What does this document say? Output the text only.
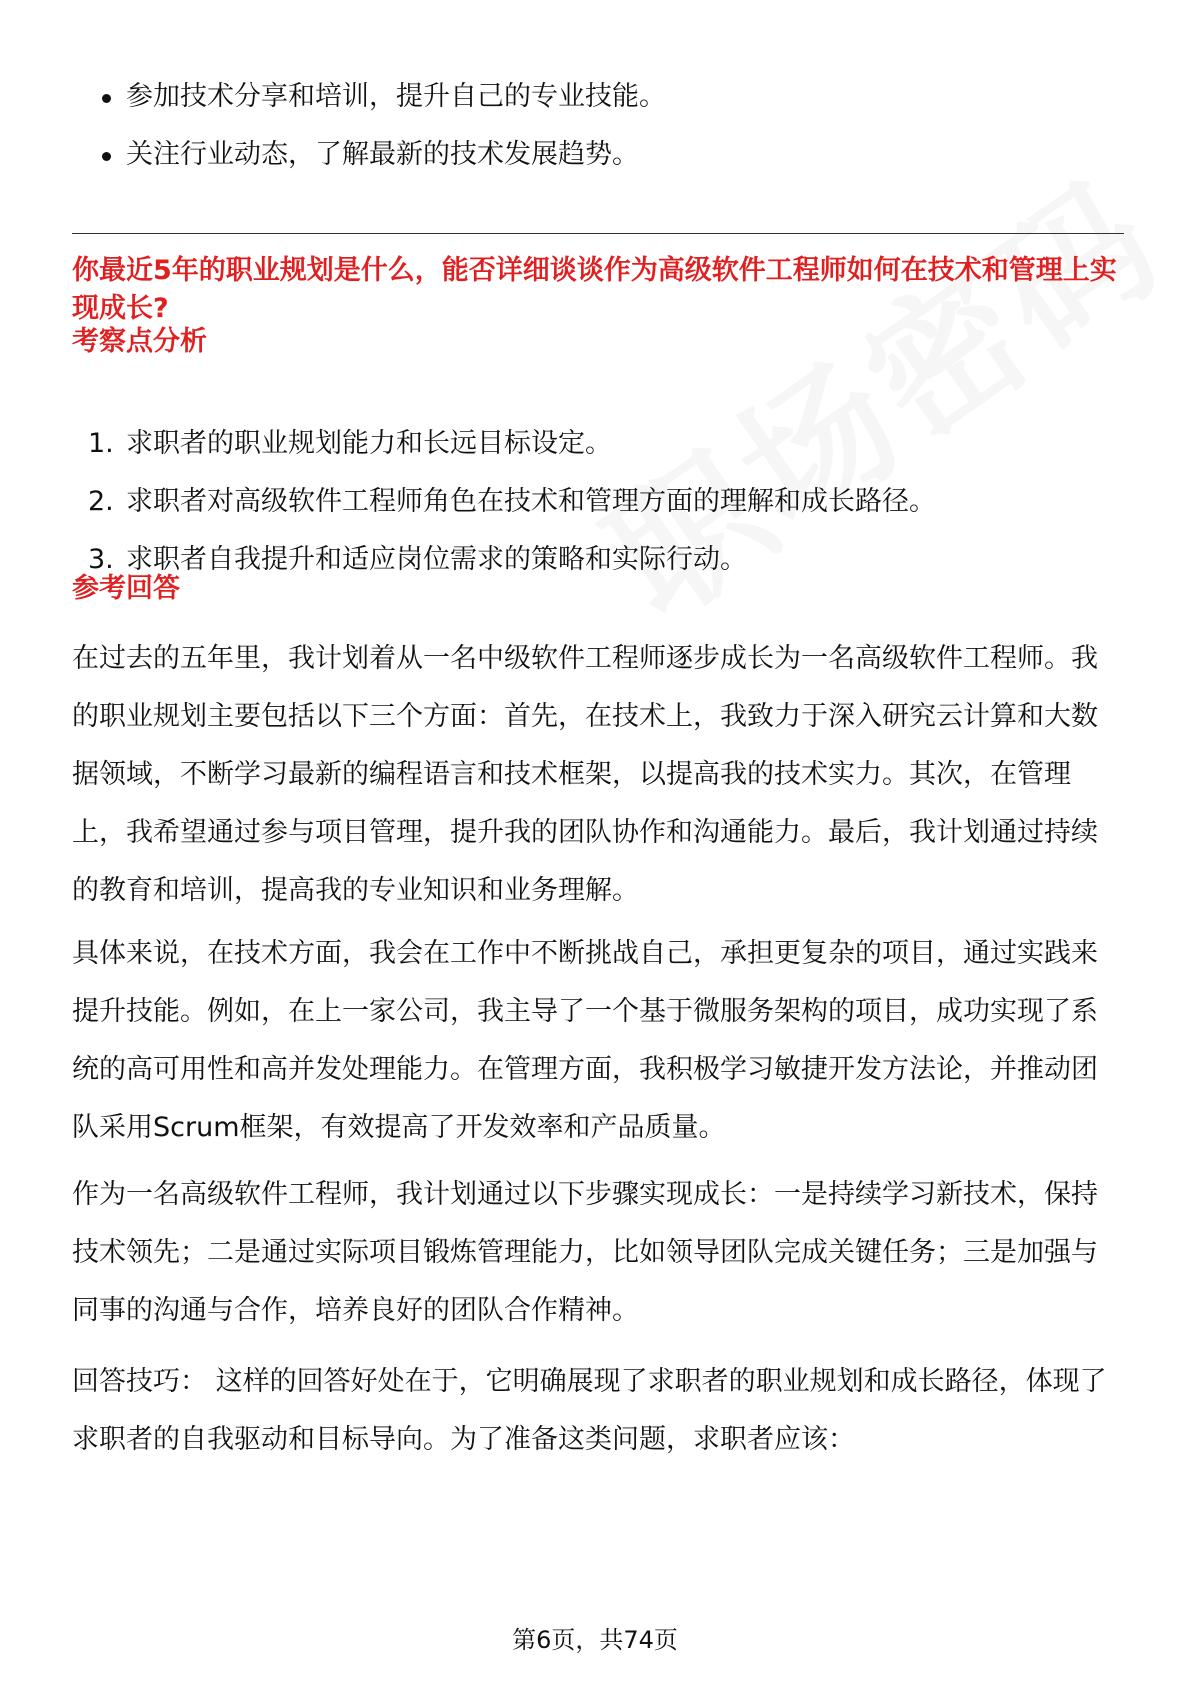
参加技术分享和培训，提升自己的专业技能。
关注行业动态，了解最新的技术发展趋势。
你最近5年的职业规划是什么，能否详细谈谈作为高级软件工程师如何在技术和管理上实现成长?
考察点分析
1. 求职者的职业规划能力和长远目标设定。
2. 求职者对高级软件工程师角色在技术和管理方面的理解和成长路径。
3. 求职者自我提升和适应岗位需求的策略和实际行动。
参考回答

在过去的五年里，我计划着从一名中级软件工程师逐步成长为一名高级软件工程师。我的职业规划主要包括以下三个方面：首先，在技术上，我致力于深入研究云计算和大数据领域，不断学习最新的编程语言和技术框架，以提高我的技术实力。其次，在管理上，我希望通过参与项目管理，提升我的团队协作和沟通能力。最后，我计划通过持续的教育和培训，提高我的专业知识和业务理解。

具体来说，在技术方面，我会在工作中不断挑战自己，承担更复杂的项目，通过实践来提升技能。例如，在上一家公司，我主导了一个基于微服务架构的项目，成功实现了系统的高可用性和高并发处理能力。在管理方面，我积极学习敏捷开发方法论，并推动团队采用Scrum框架，有效提高了开发效率和产品质量。

作为一名高级软件工程师，我计划通过以下步骤实现成长：一是持续学习新技术，保持技术领先；二是通过实际项目锻炼管理能力，比如领导团队完成关键任务；三是加强与同事的沟通与合作，培养良好的团队合作精神。

回答技巧： 这样的回答好处在于，它明确展现了求职者的职业规划和成长路径，体现了求职者的自我驱动和目标导向。为了准备这类问题，求职者应该：

第6页，共74页
